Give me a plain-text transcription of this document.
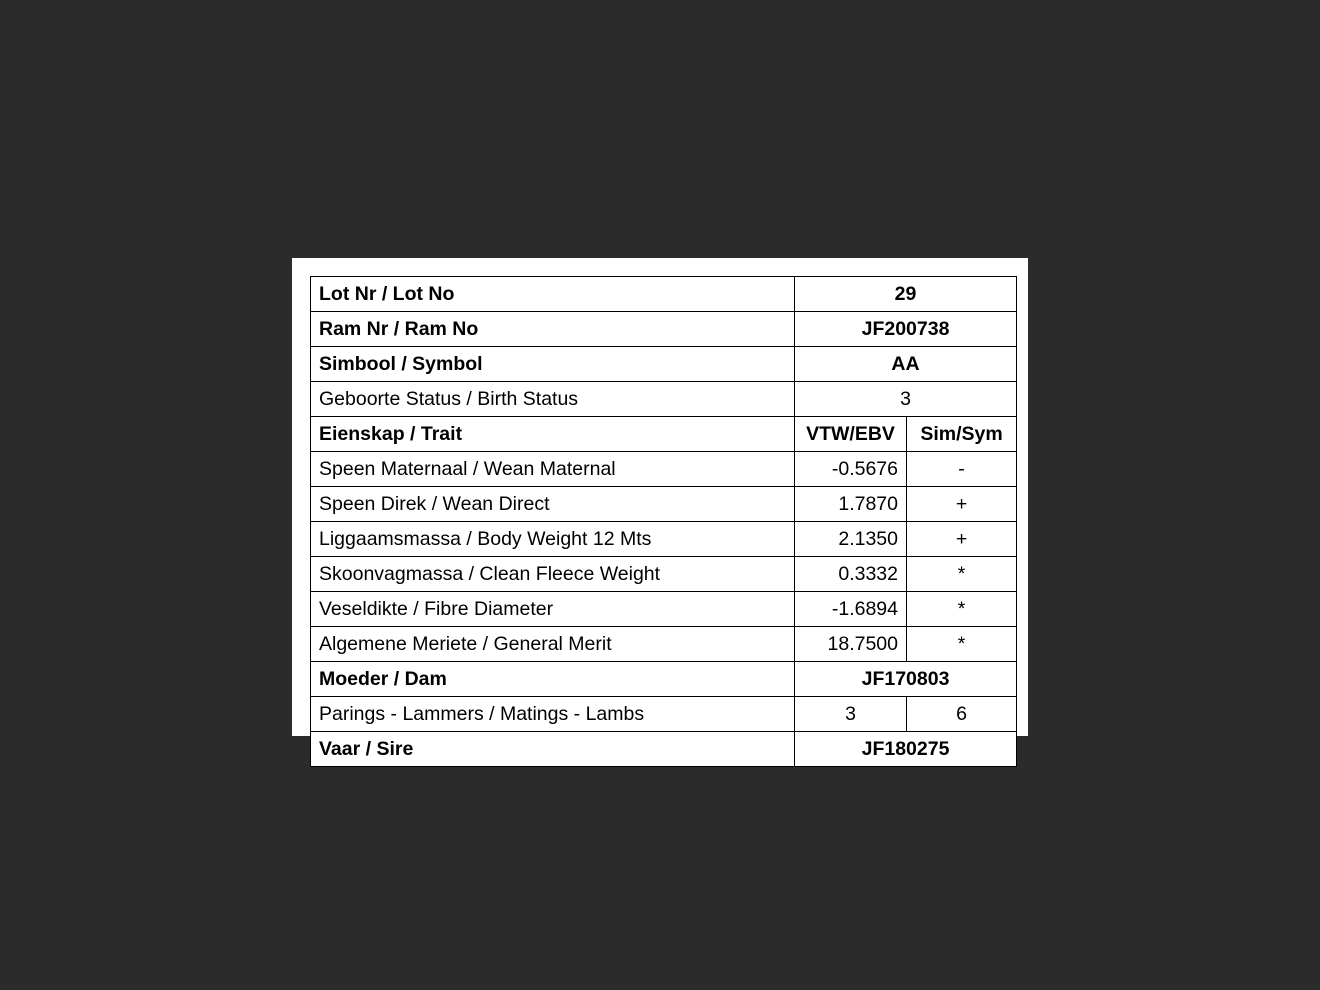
Lot Nr / Lot No	29	
Ram Nr / Ram No	JF200738	
Simbool / Symbol	AA	
Geboorte Status / Birth Status	3	
Eienskap / Trait	VTW/EBV	Sim/Sym
Speen Maternaal / Wean Maternal	-0.5676	-
Speen Direk / Wean Direct	1.7870	+
Liggaamsmassa / Body Weight 12 Mts	2.1350	+
Skoonvagmassa / Clean Fleece Weight	0.3332	*
Veseldikte / Fibre Diameter	-1.6894	*
Algemene Meriete / General Merit	18.7500	*
Moeder / Dam	JF170803	
Parings - Lammers / Matings - Lambs	3	6
Vaar / Sire	JF180275	
